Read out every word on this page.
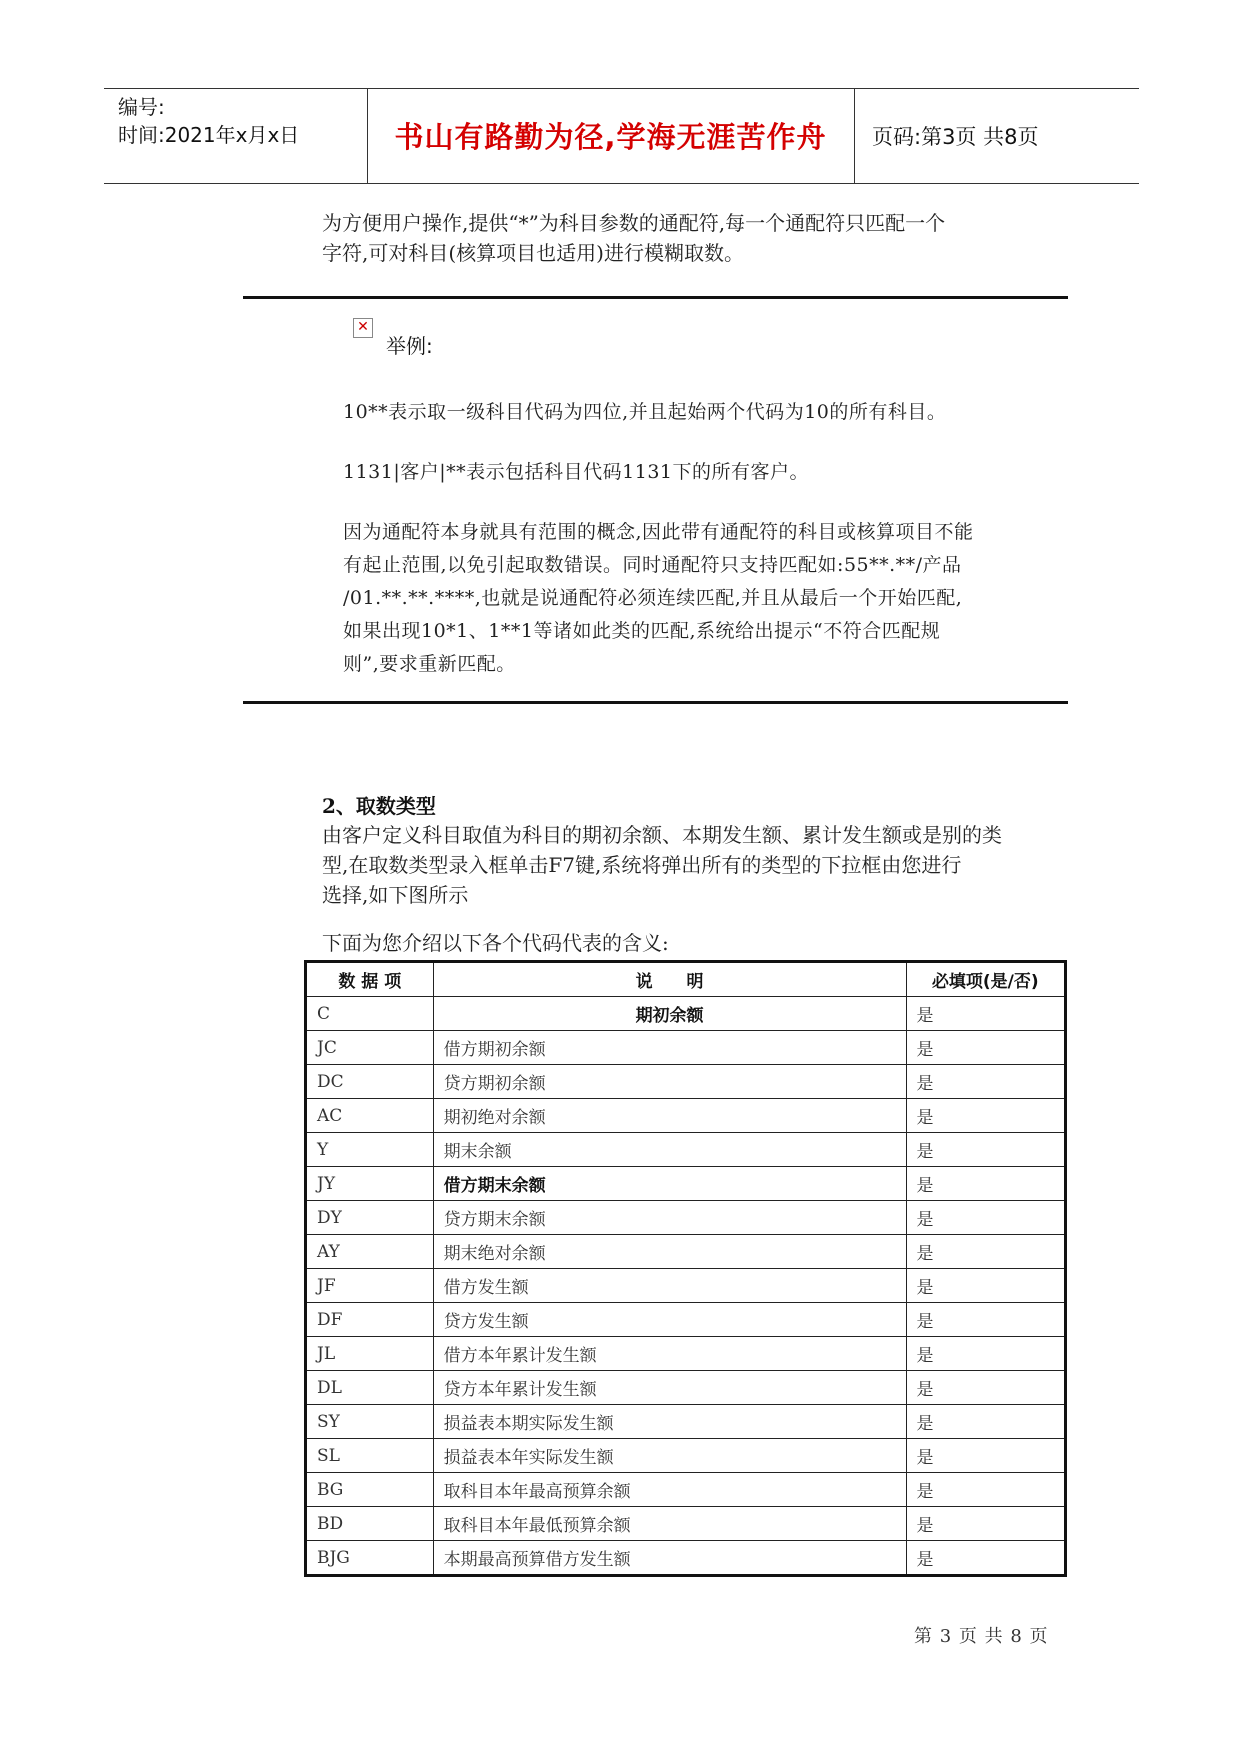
编号:
时间:2021年x月x日	书山有路勤为径,学海无涯苦作舟	页码:第3页 共8页
为方便用户操作,提供“*”为科目参数的通配符,每一个通配符只匹配一个
字符,可对科目(核算项目也适用)进行模糊取数。
✕
举例:
10**表示取一级科目代码为四位,并且起始两个代码为10的所有科目。
1131|客户|**表示包括科目代码1131下的所有客户。
因为通配符本身就具有范围的概念,因此带有通配符的科目或核算项目不能
有起止范围,以免引起取数错误。同时通配符只支持匹配如:55**.**/产品
/01.**.**.****,也就是说通配符必须连续匹配,并且从最后一个开始匹配,
如果出现10*1、1**1等诸如此类的匹配,系统给出提示“不符合匹配规
则”,要求重新匹配。
2、取数类型
由客户定义科目取值为科目的期初余额、本期发生额、累计发生额或是别的类
型,在取数类型录入框单击F7键,系统将弹出所有的类型的下拉框由您进行
选择,如下图所示
下面为您介绍以下各个代码代表的含义:
数 据 项	说　　明	必填项(是/否)
C	期初余额	是
JC	借方期初余额	是
DC	贷方期初余额	是
AC	期初绝对余额	是
Y	期末余额	是
JY	借方期末余额	是
DY	贷方期末余额	是
AY	期末绝对余额	是
JF	借方发生额	是
DF	贷方发生额	是
JL	借方本年累计发生额	是
DL	贷方本年累计发生额	是
SY	损益表本期实际发生额	是
SL	损益表本年实际发生额	是
BG	取科目本年最高预算余额	是
BD	取科目本年最低预算余额	是
BJG	本期最高预算借方发生额	是
第 3 页 共 8 页
